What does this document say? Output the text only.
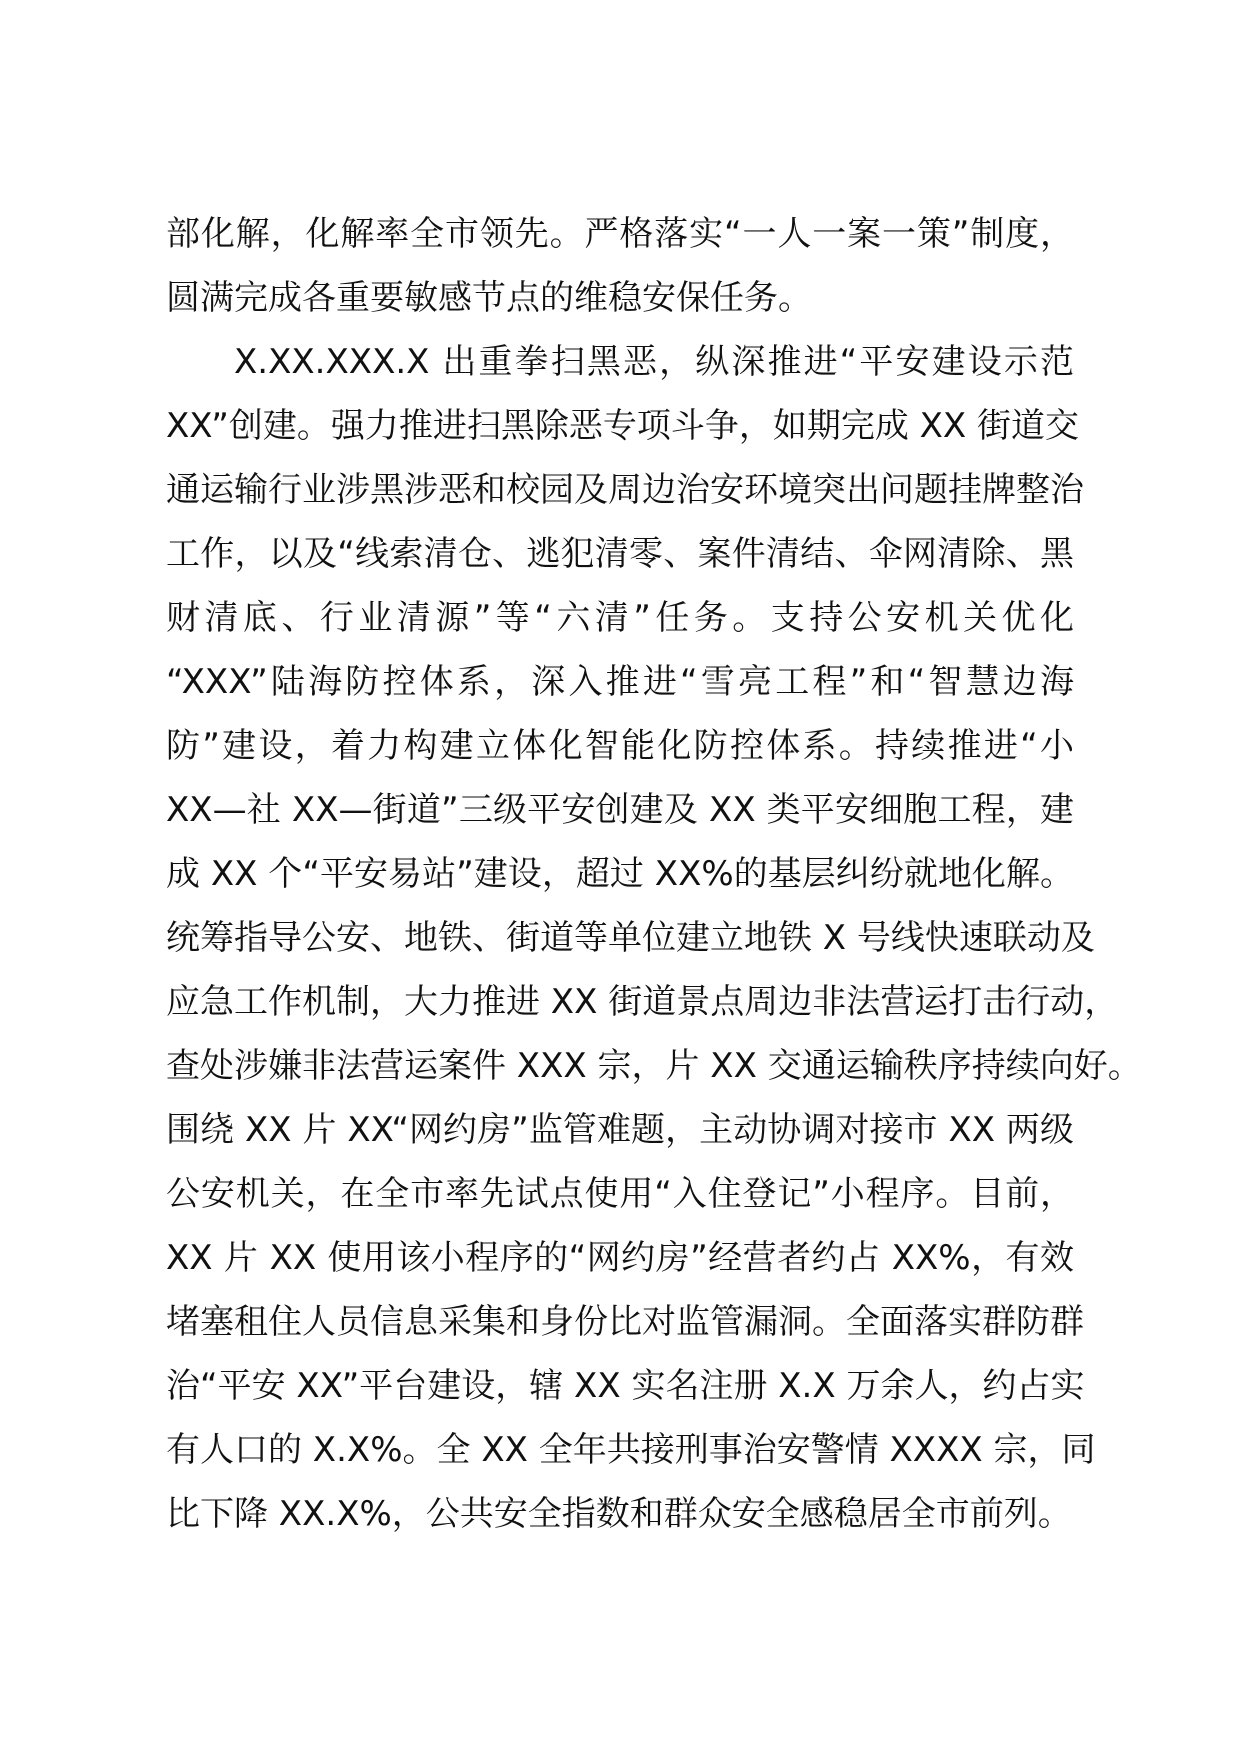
部化解，化解率全市领先。严格落实“一人一案一策”制度，
圆满完成各重要敏感节点的维稳安保任务。
X.XX.XXX.X 出重拳扫黑恶，纵深推进“平安建设示范
XX”创建。强力推进扫黑除恶专项斗争，如期完成 XX 街道交
通运输行业涉黑涉恶和校园及周边治安环境突出问题挂牌整治
工作，以及“线索清仓、逃犯清零、案件清结、伞网清除、黑
财清底、行业清源”等“六清”任务。支持公安机关优化
“XXX”陆海防控体系，深入推进“雪亮工程”和“智慧边海
防”建设，着力构建立体化智能化防控体系。持续推进“小
XX—社 XX—街道”三级平安创建及 XX 类平安细胞工程，建
成 XX 个“平安易站”建设，超过 XX%的基层纠纷就地化解。
统筹指导公安、地铁、街道等单位建立地铁 X 号线快速联动及
应急工作机制，大力推进 XX 街道景点周边非法营运打击行动，
查处涉嫌非法营运案件 XXX 宗，片 XX 交通运输秩序持续向好。
围绕 XX 片 XX“网约房”监管难题，主动协调对接市 XX 两级
公安机关，在全市率先试点使用“入住登记”小程序。目前，
XX 片 XX 使用该小程序的“网约房”经营者约占 XX%，有效
堵塞租住人员信息采集和身份比对监管漏洞。全面落实群防群
治“平安 XX”平台建设，辖 XX 实名注册 X.X 万余人，约占实
有人口的 X.X%。全 XX 全年共接刑事治安警情 XXXX 宗，同
比下降 XX.X%，公共安全指数和群众安全感稳居全市前列。
